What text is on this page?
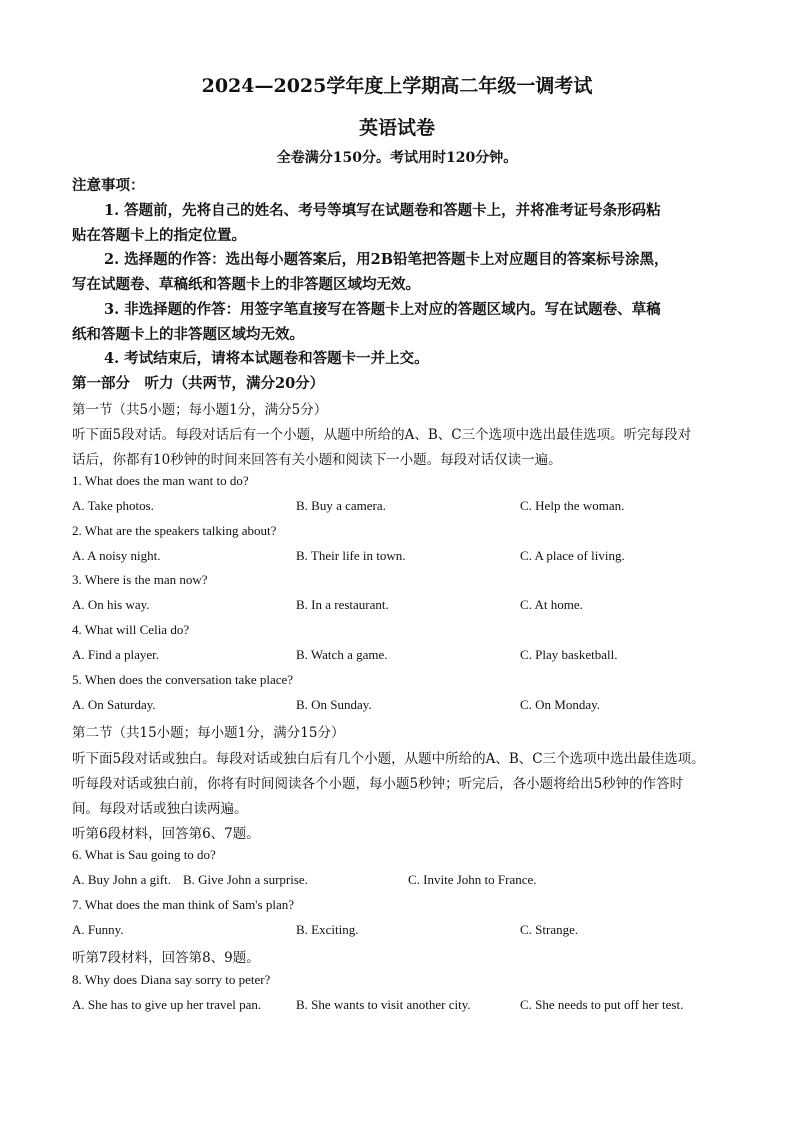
2024—2025学年度上学期高二年级一调考试
英语试卷
全卷满分150分。考试用时120分钟。
注意事项：
1. 答题前，先将自己的姓名、考号等填写在试题卷和答题卡上，并将准考证号条形码粘
贴在答题卡上的指定位置。
2. 选择题的作答：选出每小题答案后，用2B铅笔把答题卡上对应题目的答案标号涂黑，
写在试题卷、草稿纸和答题卡上的非答题区域均无效。
3. 非选择题的作答：用签字笔直接写在答题卡上对应的答题区域内。写在试题卷、草稿
纸和答题卡上的非答题区域均无效。
4. 考试结束后，请将本试题卷和答题卡一并上交。
第一部分　听力（共两节，满分20分）
第一节（共5小题；每小题1分，满分5分）
听下面5段对话。每段对话后有一个小题，从题中所给的A、B、C三个选项中选出最佳选项。听完每段对
话后，你都有10秒钟的时间来回答有关小题和阅读下一小题。每段对话仅读一遍。
1. What does the man want to do?
A. Take photos.	B. Buy a camera.	C. Help the woman.
2. What are the speakers talking about?
A. A noisy night.	B. Their life in town.	C. A place of living.
3. Where is the man now?
A. On his way.	B. In a restaurant.	C. At home.
4. What will Celia do?
A. Find a player.	B. Watch a game.	C. Play basketball.
5. When does the conversation take place?
A. On Saturday.	B. On Sunday.	C. On Monday.
第二节（共15小题；每小题1分，满分15分）
听下面5段对话或独白。每段对话或独白后有几个小题，从题中所给的A、B、C三个选项中选出最佳选项。
听每段对话或独白前，你将有时间阅读各个小题，每小题5秒钟；听完后，各小题将给出5秒钟的作答时
间。每段对话或独白读两遍。
听第6段材料，回答第6、7题。
6. What is Sau going to do?
A. Buy John a gift. B. Give John a surprise.	C. Invite John to France.
7. What does the man think of Sam's plan?
A. Funny.	B. Exciting.	C. Strange.
听第7段材料，回答第8、9题。
8. Why does Diana say sorry to peter?
A. She has to give up her travel pan.	B. She wants to visit another city.	C. She needs to put off her test.
